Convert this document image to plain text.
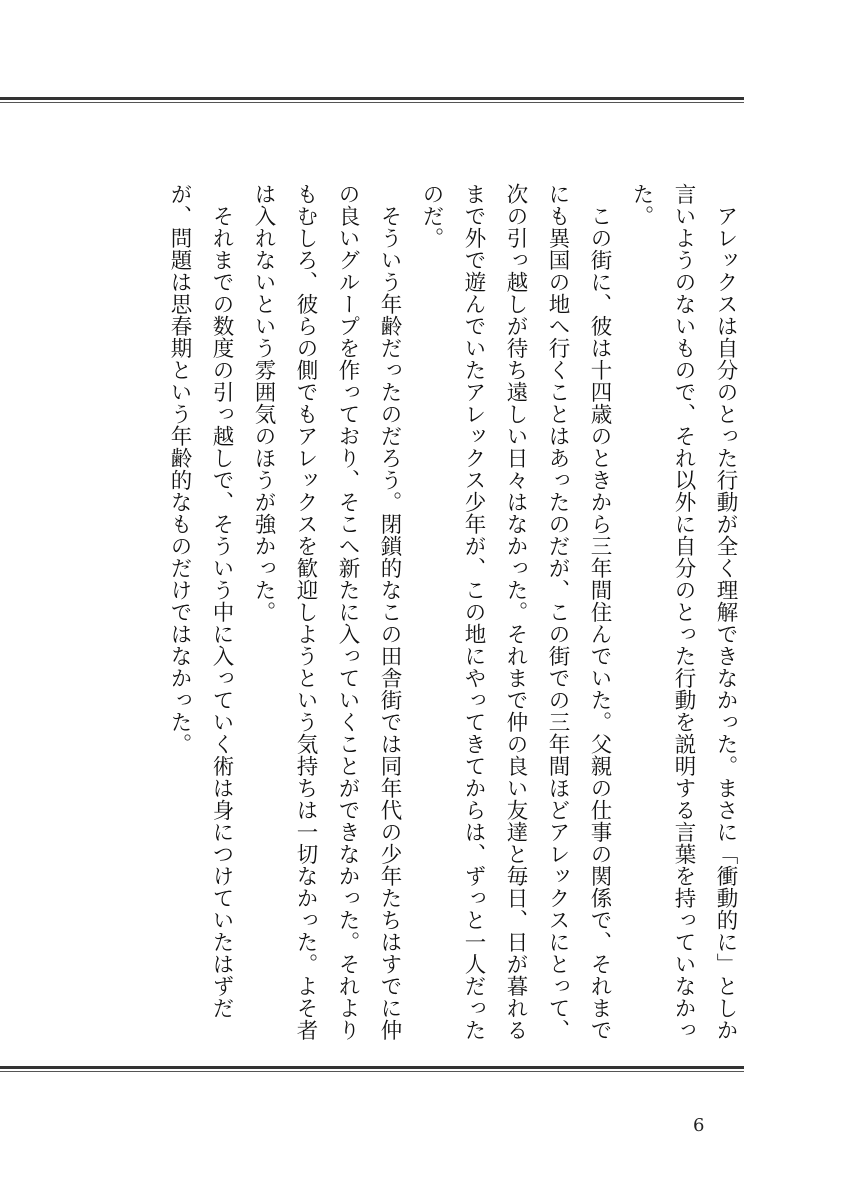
アレックスは自分のとった行動が全く理解できなかった。まさに「衝動的に」としか言いようのないもので、それ以外に自分のとった行動を説明する言葉を持っていなかった。

この街に、彼は十四歳のときから三年間住んでいた。父親の仕事の関係で、それまでにも異国の地へ行くことはあったのだが、この街での三年間ほどアレックスにとって、次の引っ越しが待ち遠しい日々はなかった。それまで仲の良い友達と毎日、日が暮れるまで外で遊んでいたアレックス少年が、この地にやってきてからは、ずっと一人だったのだ。

そういう年齢だったのだろう。閉鎖的なこの田舎街では同年代の少年たちはすでに仲の良いグループを作っており、そこへ新たに入っていくことができなかった。それよりもむしろ、彼らの側でもアレックスを歓迎しようという気持ちは一切なかった。よそ者は入れないという雰囲気のほうが強かった。

それまでの数度の引っ越しで、そういう中に入っていく術は身につけていたはずだが、問題は思春期という年齢的なものだけではなかった。

6
